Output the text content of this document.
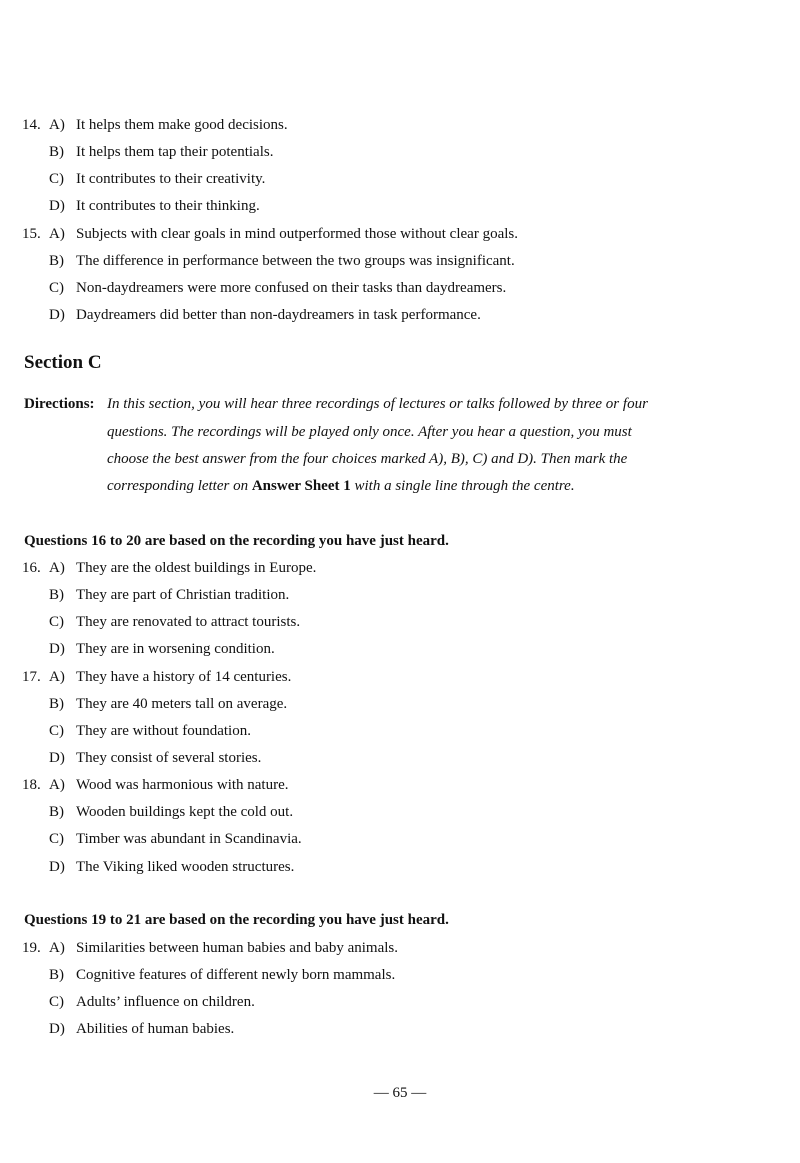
14. A) It helps them make good decisions.
B) It helps them tap their potentials.
C) It contributes to their creativity.
D) It contributes to their thinking.
15. A) Subjects with clear goals in mind outperformed those without clear goals.
B) The difference in performance between the two groups was insignificant.
C) Non-daydreamers were more confused on their tasks than daydreamers.
D) Daydreamers did better than non-daydreamers in task performance.
Section C
Directions: In this section, you will hear three recordings of lectures or talks followed by three or four
questions. The recordings will be played only once. After you hear a question, you must
choose the best answer from the four choices marked A), B), C) and D). Then mark the
corresponding letter on Answer Sheet 1 with a single line through the centre.
Questions 16 to 20 are based on the recording you have just heard.
16. A) They are the oldest buildings in Europe.
B) They are part of Christian tradition.
C) They are renovated to attract tourists.
D) They are in worsening condition.
17. A) They have a history of 14 centuries.
B) They are 40 meters tall on average.
C) They are without foundation.
D) They consist of several stories.
18. A) Wood was harmonious with nature.
B) Wooden buildings kept the cold out.
C) Timber was abundant in Scandinavia.
D) The Viking liked wooden structures.
Questions 19 to 21 are based on the recording you have just heard.
19. A) Similarities between human babies and baby animals.
B) Cognitive features of different newly born mammals.
C) Adults’ influence on children.
D) Abilities of human babies.
— 65 —
